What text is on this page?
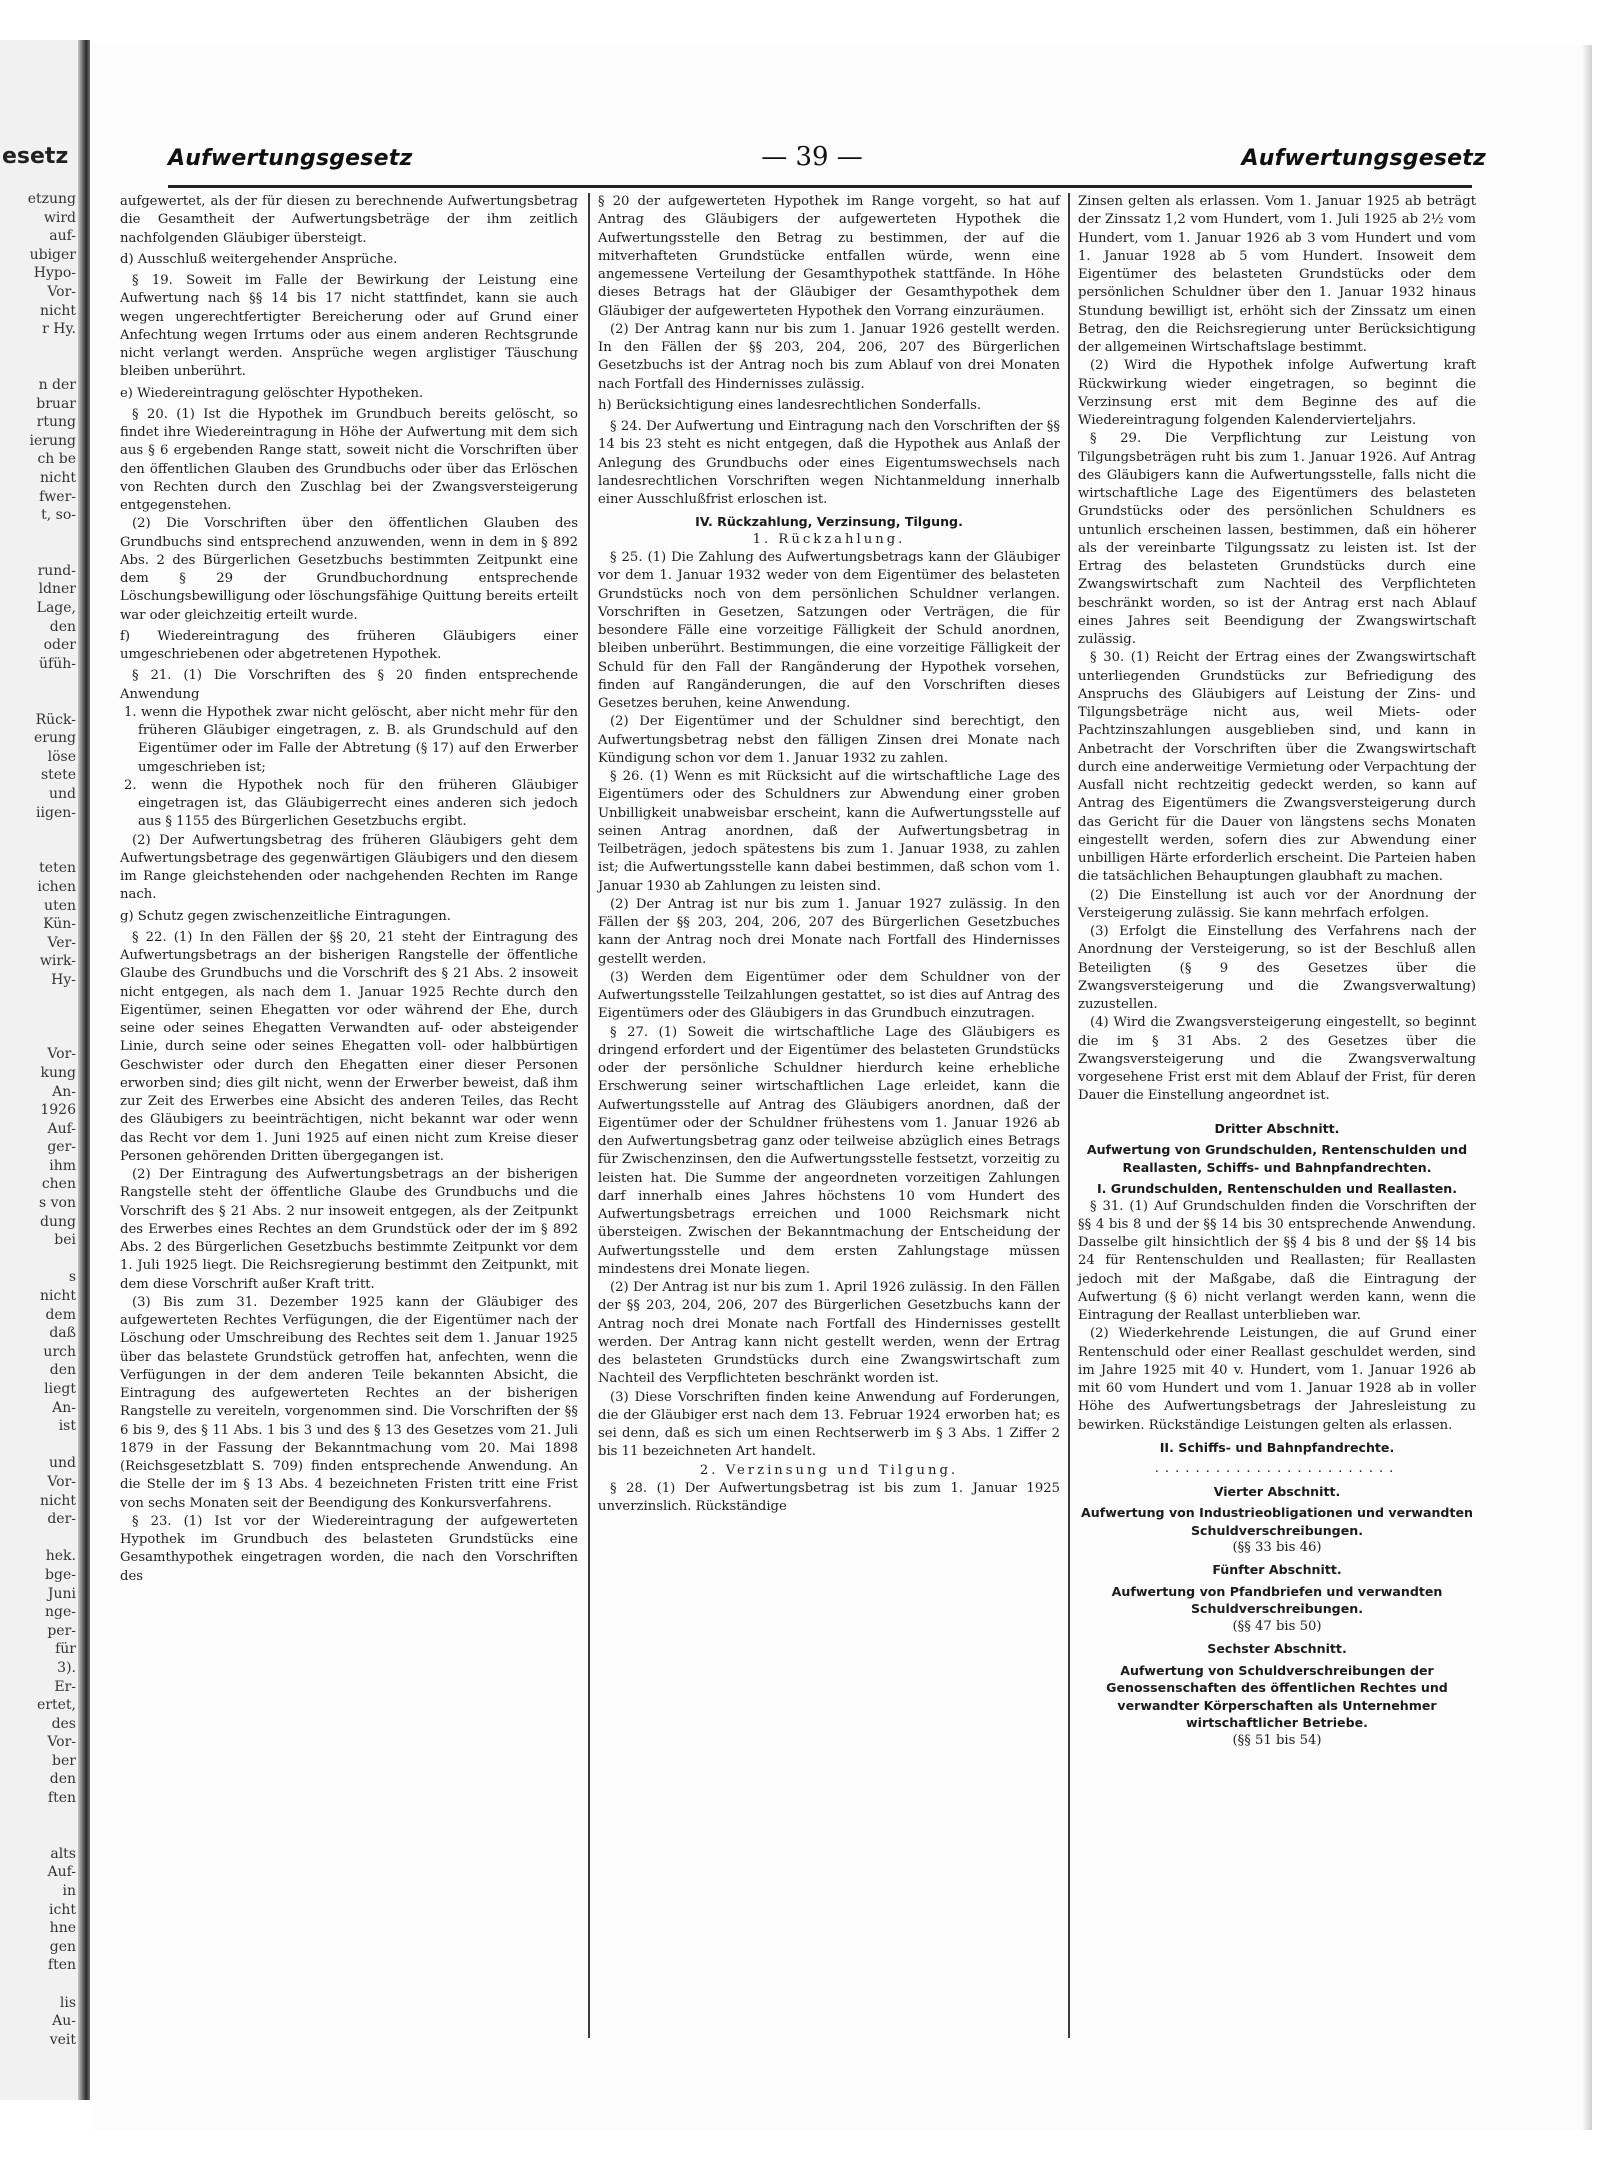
esetz
etzung
wird
auf-
ubiger
Hypo-
Vor-
nicht
r Hy.

n der
bruar
rtung
ierung
ch be
nicht
fwer-
t, so-

rund-
ldner
Lage,
den
oder
üfüh-

Rück-
erung
löse
stete
und
iigen-

teten
ichen
uten
Kün-
Ver-
wirk-
Hy-

Vor-
kung
An-
1926
Auf-
ger-
ihm
chen
s von
dung
bei

s
nicht
dem
daß
urch
den
liegt
An-
ist

und
Vor-
nicht
der-

hek.
bge-
Juni
nge-
per-
für
3).
Er-
ertet,
des
Vor-
ber
den
ften

alts
Auf-
in
icht
hne
gen
ften

lis
Au-
veit
Aufwertungsgesetz	— 39 —	Aufwertungsgesetz

aufgewertet, als der für diesen zu berechnende Aufwertungsbetrag die Gesamtheit der Aufwertungsbeträge der ihm zeitlich nachfolgenden Gläubiger übersteigt.

d) Ausschluß weitergehender Ansprüche.

§ 19. Soweit im Falle der Bewirkung der Leistung eine Aufwertung nach §§ 14 bis 17 nicht stattfindet, kann sie auch wegen ungerechtfertigter Bereicherung oder auf Grund einer Anfechtung wegen Irrtums oder aus einem anderen Rechtsgrunde nicht verlangt werden. Ansprüche wegen arglistiger Täuschung bleiben unberührt.

e) Wiedereintragung gelöschter Hypotheken.

§ 20. (1) Ist die Hypothek im Grundbuch bereits gelöscht, so findet ihre Wiedereintragung in Höhe der Aufwertung mit dem sich aus § 6 ergebenden Range statt, soweit nicht die Vorschriften über den öffentlichen Glauben des Grundbuchs oder über das Erlöschen von Rechten durch den Zuschlag bei der Zwangsversteigerung entgegenstehen.

(2) Die Vorschriften über den öffentlichen Glauben des Grundbuchs sind entsprechend anzuwenden, wenn in dem in § 892 Abs. 2 des Bürgerlichen Gesetzbuchs bestimmten Zeitpunkt eine dem § 29 der Grundbuchordnung entsprechende Löschungsbewilligung oder löschungsfähige Quittung bereits erteilt war oder gleichzeitig erteilt wurde.

f) Wiedereintragung des früheren Gläubigers einer umgeschriebenen oder abgetretenen Hypothek.

§ 21. (1) Die Vorschriften des § 20 finden entsprechende Anwendung

1. wenn die Hypothek zwar nicht gelöscht, aber nicht mehr für den früheren Gläubiger eingetragen, z. B. als Grundschuld auf den Eigentümer oder im Falle der Abtretung (§ 17) auf den Erwerber umgeschrieben ist;

2. wenn die Hypothek noch für den früheren Gläubiger eingetragen ist, das Gläubigerrecht eines anderen sich jedoch aus § 1155 des Bürgerlichen Gesetzbuchs ergibt.

(2) Der Aufwertungsbetrag des früheren Gläubigers geht dem Aufwertungsbetrage des gegenwärtigen Gläubigers und den diesem im Range gleichstehenden oder nachgehenden Rechten im Range nach.

g) Schutz gegen zwischenzeitliche Eintragungen.

§ 22. (1) In den Fällen der §§ 20, 21 steht der Eintragung des Aufwertungsbetrags an der bisherigen Rangstelle der öffentliche Glaube des Grundbuchs und die Vorschrift des § 21 Abs. 2 insoweit nicht entgegen, als nach dem 1. Januar 1925 Rechte durch den Eigentümer, seinen Ehegatten vor oder während der Ehe, durch seine oder seines Ehegatten Verwandten auf- oder absteigender Linie, durch seine oder seines Ehegatten voll- oder halbbürtigen Geschwister oder durch den Ehegatten einer dieser Personen erworben sind; dies gilt nicht, wenn der Erwerber beweist, daß ihm zur Zeit des Erwerbes eine Absicht des anderen Teiles, das Recht des Gläubigers zu beeinträchtigen, nicht bekannt war oder wenn das Recht vor dem 1. Juni 1925 auf einen nicht zum Kreise dieser Personen gehörenden Dritten übergegangen ist.

(2) Der Eintragung des Aufwertungsbetrags an der bisherigen Rangstelle steht der öffentliche Glaube des Grundbuchs und die Vorschrift des § 21 Abs. 2 nur insoweit entgegen, als der Zeitpunkt des Erwerbes eines Rechtes an dem Grundstück oder der im § 892 Abs. 2 des Bürgerlichen Gesetzbuchs bestimmte Zeitpunkt vor dem 1. Juli 1925 liegt. Die Reichsregierung bestimmt den Zeitpunkt, mit dem diese Vorschrift außer Kraft tritt.

(3) Bis zum 31. Dezember 1925 kann der Gläubiger des aufgewerteten Rechtes Verfügungen, die der Eigentümer nach der Löschung oder Umschreibung des Rechtes seit dem 1. Januar 1925 über das belastete Grundstück getroffen hat, anfechten, wenn die Verfügungen in der dem anderen Teile bekannten Absicht, die Eintragung des aufgewerteten Rechtes an der bisherigen Rangstelle zu vereiteln, vorgenommen sind. Die Vorschriften der §§ 6 bis 9, des § 11 Abs. 1 bis 3 und des § 13 des Gesetzes vom 21. Juli 1879 in der Fassung der Bekanntmachung vom 20. Mai 1898 (Reichsgesetzblatt S. 709) finden entsprechende Anwendung. An die Stelle der im § 13 Abs. 4 bezeichneten Fristen tritt eine Frist von sechs Monaten seit der Beendigung des Konkursverfahrens.

§ 23. (1) Ist vor der Wiedereintragung der aufgewerteten Hypothek im Grundbuch des belasteten Grundstücks eine Gesamthypothek eingetragen worden, die nach den Vorschriften des

§ 20 der aufgewerteten Hypothek im Range vorgeht, so hat auf Antrag des Gläubigers der aufgewerteten Hypothek die Aufwertungsstelle den Betrag zu bestimmen, der auf die mitverhafteten Grundstücke entfallen würde, wenn eine angemessene Verteilung der Gesamthypothek stattfände. In Höhe dieses Betrags hat der Gläubiger der Gesamthypothek dem Gläubiger der aufgewerteten Hypothek den Vorrang einzuräumen.

(2) Der Antrag kann nur bis zum 1. Januar 1926 gestellt werden. In den Fällen der §§ 203, 204, 206, 207 des Bürgerlichen Gesetzbuchs ist der Antrag noch bis zum Ablauf von drei Monaten nach Fortfall des Hindernisses zulässig.

h) Berücksichtigung eines landesrechtlichen Sonderfalls.

§ 24. Der Aufwertung und Eintragung nach den Vorschriften der §§ 14 bis 23 steht es nicht entgegen, daß die Hypothek aus Anlaß der Anlegung des Grundbuchs oder eines Eigentumswechsels nach landesrechtlichen Vorschriften wegen Nichtanmeldung innerhalb einer Ausschlußfrist erloschen ist.

IV. Rückzahlung, Verzinsung, Tilgung.

1. Rückzahlung.

§ 25. (1) Die Zahlung des Aufwertungsbetrags kann der Gläubiger vor dem 1. Januar 1932 weder von dem Eigentümer des belasteten Grundstücks noch von dem persönlichen Schuldner verlangen. Vorschriften in Gesetzen, Satzungen oder Verträgen, die für besondere Fälle eine vorzeitige Fälligkeit der Schuld anordnen, bleiben unberührt. Bestimmungen, die eine vorzeitige Fälligkeit der Schuld für den Fall der Rangänderung der Hypothek vorsehen, finden auf Rangänderungen, die auf den Vorschriften dieses Gesetzes beruhen, keine Anwendung.

(2) Der Eigentümer und der Schuldner sind berechtigt, den Aufwertungsbetrag nebst den fälligen Zinsen drei Monate nach Kündigung schon vor dem 1. Januar 1932 zu zahlen.

§ 26. (1) Wenn es mit Rücksicht auf die wirtschaftliche Lage des Eigentümers oder des Schuldners zur Abwendung einer groben Unbilligkeit unabweisbar erscheint, kann die Aufwertungsstelle auf seinen Antrag anordnen, daß der Aufwertungsbetrag in Teilbeträgen, jedoch spätestens bis zum 1. Januar 1938, zu zahlen ist; die Aufwertungsstelle kann dabei bestimmen, daß schon vom 1. Januar 1930 ab Zahlungen zu leisten sind.

(2) Der Antrag ist nur bis zum 1. Januar 1927 zulässig. In den Fällen der §§ 203, 204, 206, 207 des Bürgerlichen Gesetzbuches kann der Antrag noch drei Monate nach Fortfall des Hindernisses gestellt werden.

(3) Werden dem Eigentümer oder dem Schuldner von der Aufwertungsstelle Teilzahlungen gestattet, so ist dies auf Antrag des Eigentümers oder des Gläubigers in das Grundbuch einzutragen.

§ 27. (1) Soweit die wirtschaftliche Lage des Gläubigers es dringend erfordert und der Eigentümer des belasteten Grundstücks oder der persönliche Schuldner hierdurch keine erhebliche Erschwerung seiner wirtschaftlichen Lage erleidet, kann die Aufwertungsstelle auf Antrag des Gläubigers anordnen, daß der Eigentümer oder der Schuldner frühestens vom 1. Januar 1926 ab den Aufwertungsbetrag ganz oder teilweise abzüglich eines Betrags für Zwischenzinsen, den die Aufwertungsstelle festsetzt, vorzeitig zu leisten hat. Die Summe der angeordneten vorzeitigen Zahlungen darf innerhalb eines Jahres höchstens 10 vom Hundert des Aufwertungsbetrags erreichen und 1000 Reichsmark nicht übersteigen. Zwischen der Bekanntmachung der Entscheidung der Aufwertungsstelle und dem ersten Zahlungstage müssen mindestens drei Monate liegen.

(2) Der Antrag ist nur bis zum 1. April 1926 zulässig. In den Fällen der §§ 203, 204, 206, 207 des Bürgerlichen Gesetzbuchs kann der Antrag noch drei Monate nach Fortfall des Hindernisses gestellt werden. Der Antrag kann nicht gestellt werden, wenn der Ertrag des belasteten Grundstücks durch eine Zwangswirtschaft zum Nachteil des Verpflichteten beschränkt worden ist.

(3) Diese Vorschriften finden keine Anwendung auf Forderungen, die der Gläubiger erst nach dem 13. Februar 1924 erworben hat; es sei denn, daß es sich um einen Rechtserwerb im § 3 Abs. 1 Ziffer 2 bis 11 bezeichneten Art handelt.

2. Verzinsung und Tilgung.

§ 28. (1) Der Aufwertungsbetrag ist bis zum 1. Januar 1925 unverzinslich. Rückständige

Zinsen gelten als erlassen. Vom 1. Januar 1925 ab beträgt der Zinssatz 1,2 vom Hundert, vom 1. Juli 1925 ab 2½ vom Hundert, vom 1. Januar 1926 ab 3 vom Hundert und vom 1. Januar 1928 ab 5 vom Hundert. Insoweit dem Eigentümer des belasteten Grundstücks oder dem persönlichen Schuldner über den 1. Januar 1932 hinaus Stundung bewilligt ist, erhöht sich der Zinssatz um einen Betrag, den die Reichsregierung unter Berücksichtigung der allgemeinen Wirtschaftslage bestimmt.

(2) Wird die Hypothek infolge Aufwertung kraft Rückwirkung wieder eingetragen, so beginnt die Verzinsung erst mit dem Beginne des auf die Wiedereintragung folgenden Kalendervierteljahrs.

§ 29. Die Verpflichtung zur Leistung von Tilgungsbeträgen ruht bis zum 1. Januar 1926. Auf Antrag des Gläubigers kann die Aufwertungsstelle, falls nicht die wirtschaftliche Lage des Eigentümers des belasteten Grundstücks oder des persönlichen Schuldners es untunlich erscheinen lassen, bestimmen, daß ein höherer als der vereinbarte Tilgungssatz zu leisten ist. Ist der Ertrag des belasteten Grundstücks durch eine Zwangswirtschaft zum Nachteil des Verpflichteten beschränkt worden, so ist der Antrag erst nach Ablauf eines Jahres seit Beendigung der Zwangswirtschaft zulässig.

§ 30. (1) Reicht der Ertrag eines der Zwangswirtschaft unterliegenden Grundstücks zur Befriedigung des Anspruchs des Gläubigers auf Leistung der Zins- und Tilgungsbeträge nicht aus, weil Miets- oder Pachtzinszahlungen ausgeblieben sind, und kann in Anbetracht der Vorschriften über die Zwangswirtschaft durch eine anderweitige Vermietung oder Verpachtung der Ausfall nicht rechtzeitig gedeckt werden, so kann auf Antrag des Eigentümers die Zwangsversteigerung durch das Gericht für die Dauer von längstens sechs Monaten eingestellt werden, sofern dies zur Abwendung einer unbilligen Härte erforderlich erscheint. Die Parteien haben die tatsächlichen Behauptungen glaubhaft zu machen.

(2) Die Einstellung ist auch vor der Anordnung der Versteigerung zulässig. Sie kann mehrfach erfolgen.

(3) Erfolgt die Einstellung des Verfahrens nach der Anordnung der Versteigerung, so ist der Beschluß allen Beteiligten (§ 9 des Gesetzes über die Zwangsversteigerung und die Zwangsverwaltung) zuzustellen.

(4) Wird die Zwangsversteigerung eingestellt, so beginnt die im § 31 Abs. 2 des Gesetzes über die Zwangsversteigerung und die Zwangsverwaltung vorgesehene Frist erst mit dem Ablauf der Frist, für deren Dauer die Einstellung angeordnet ist.

Dritter Abschnitt.

Aufwertung von Grundschulden, Rentenschulden und Reallasten, Schiffs- und Bahnpfandrechten.

I. Grundschulden, Rentenschulden und Reallasten.

§ 31. (1) Auf Grundschulden finden die Vorschriften der §§ 4 bis 8 und der §§ 14 bis 30 entsprechende Anwendung. Dasselbe gilt hinsichtlich der §§ 4 bis 8 und der §§ 14 bis 24 für Rentenschulden und Reallasten; für Reallasten jedoch mit der Maßgabe, daß die Eintragung der Aufwertung (§ 6) nicht verlangt werden kann, wenn die Eintragung der Reallast unterblieben war.

(2) Wiederkehrende Leistungen, die auf Grund einer Rentenschuld oder einer Reallast geschuldet werden, sind im Jahre 1925 mit 40 v. Hundert, vom 1. Januar 1926 ab mit 60 vom Hundert und vom 1. Januar 1928 ab in voller Höhe des Aufwertungsbetrags der Jahresleistung zu bewirken. Rückständige Leistungen gelten als erlassen.

II. Schiffs- und Bahnpfandrechte.

........................

Vierter Abschnitt.

Aufwertung von Industrieobligationen und verwandten Schuldverschreibungen.

(§§ 33 bis 46)

Fünfter Abschnitt.

Aufwertung von Pfandbriefen und verwandten Schuldverschreibungen.

(§§ 47 bis 50)

Sechster Abschnitt.

Aufwertung von Schuldverschreibungen der Genossenschaften des öffentlichen Rechtes und verwandter Körperschaften als Unternehmer wirtschaftlicher Betriebe.

(§§ 51 bis 54)
